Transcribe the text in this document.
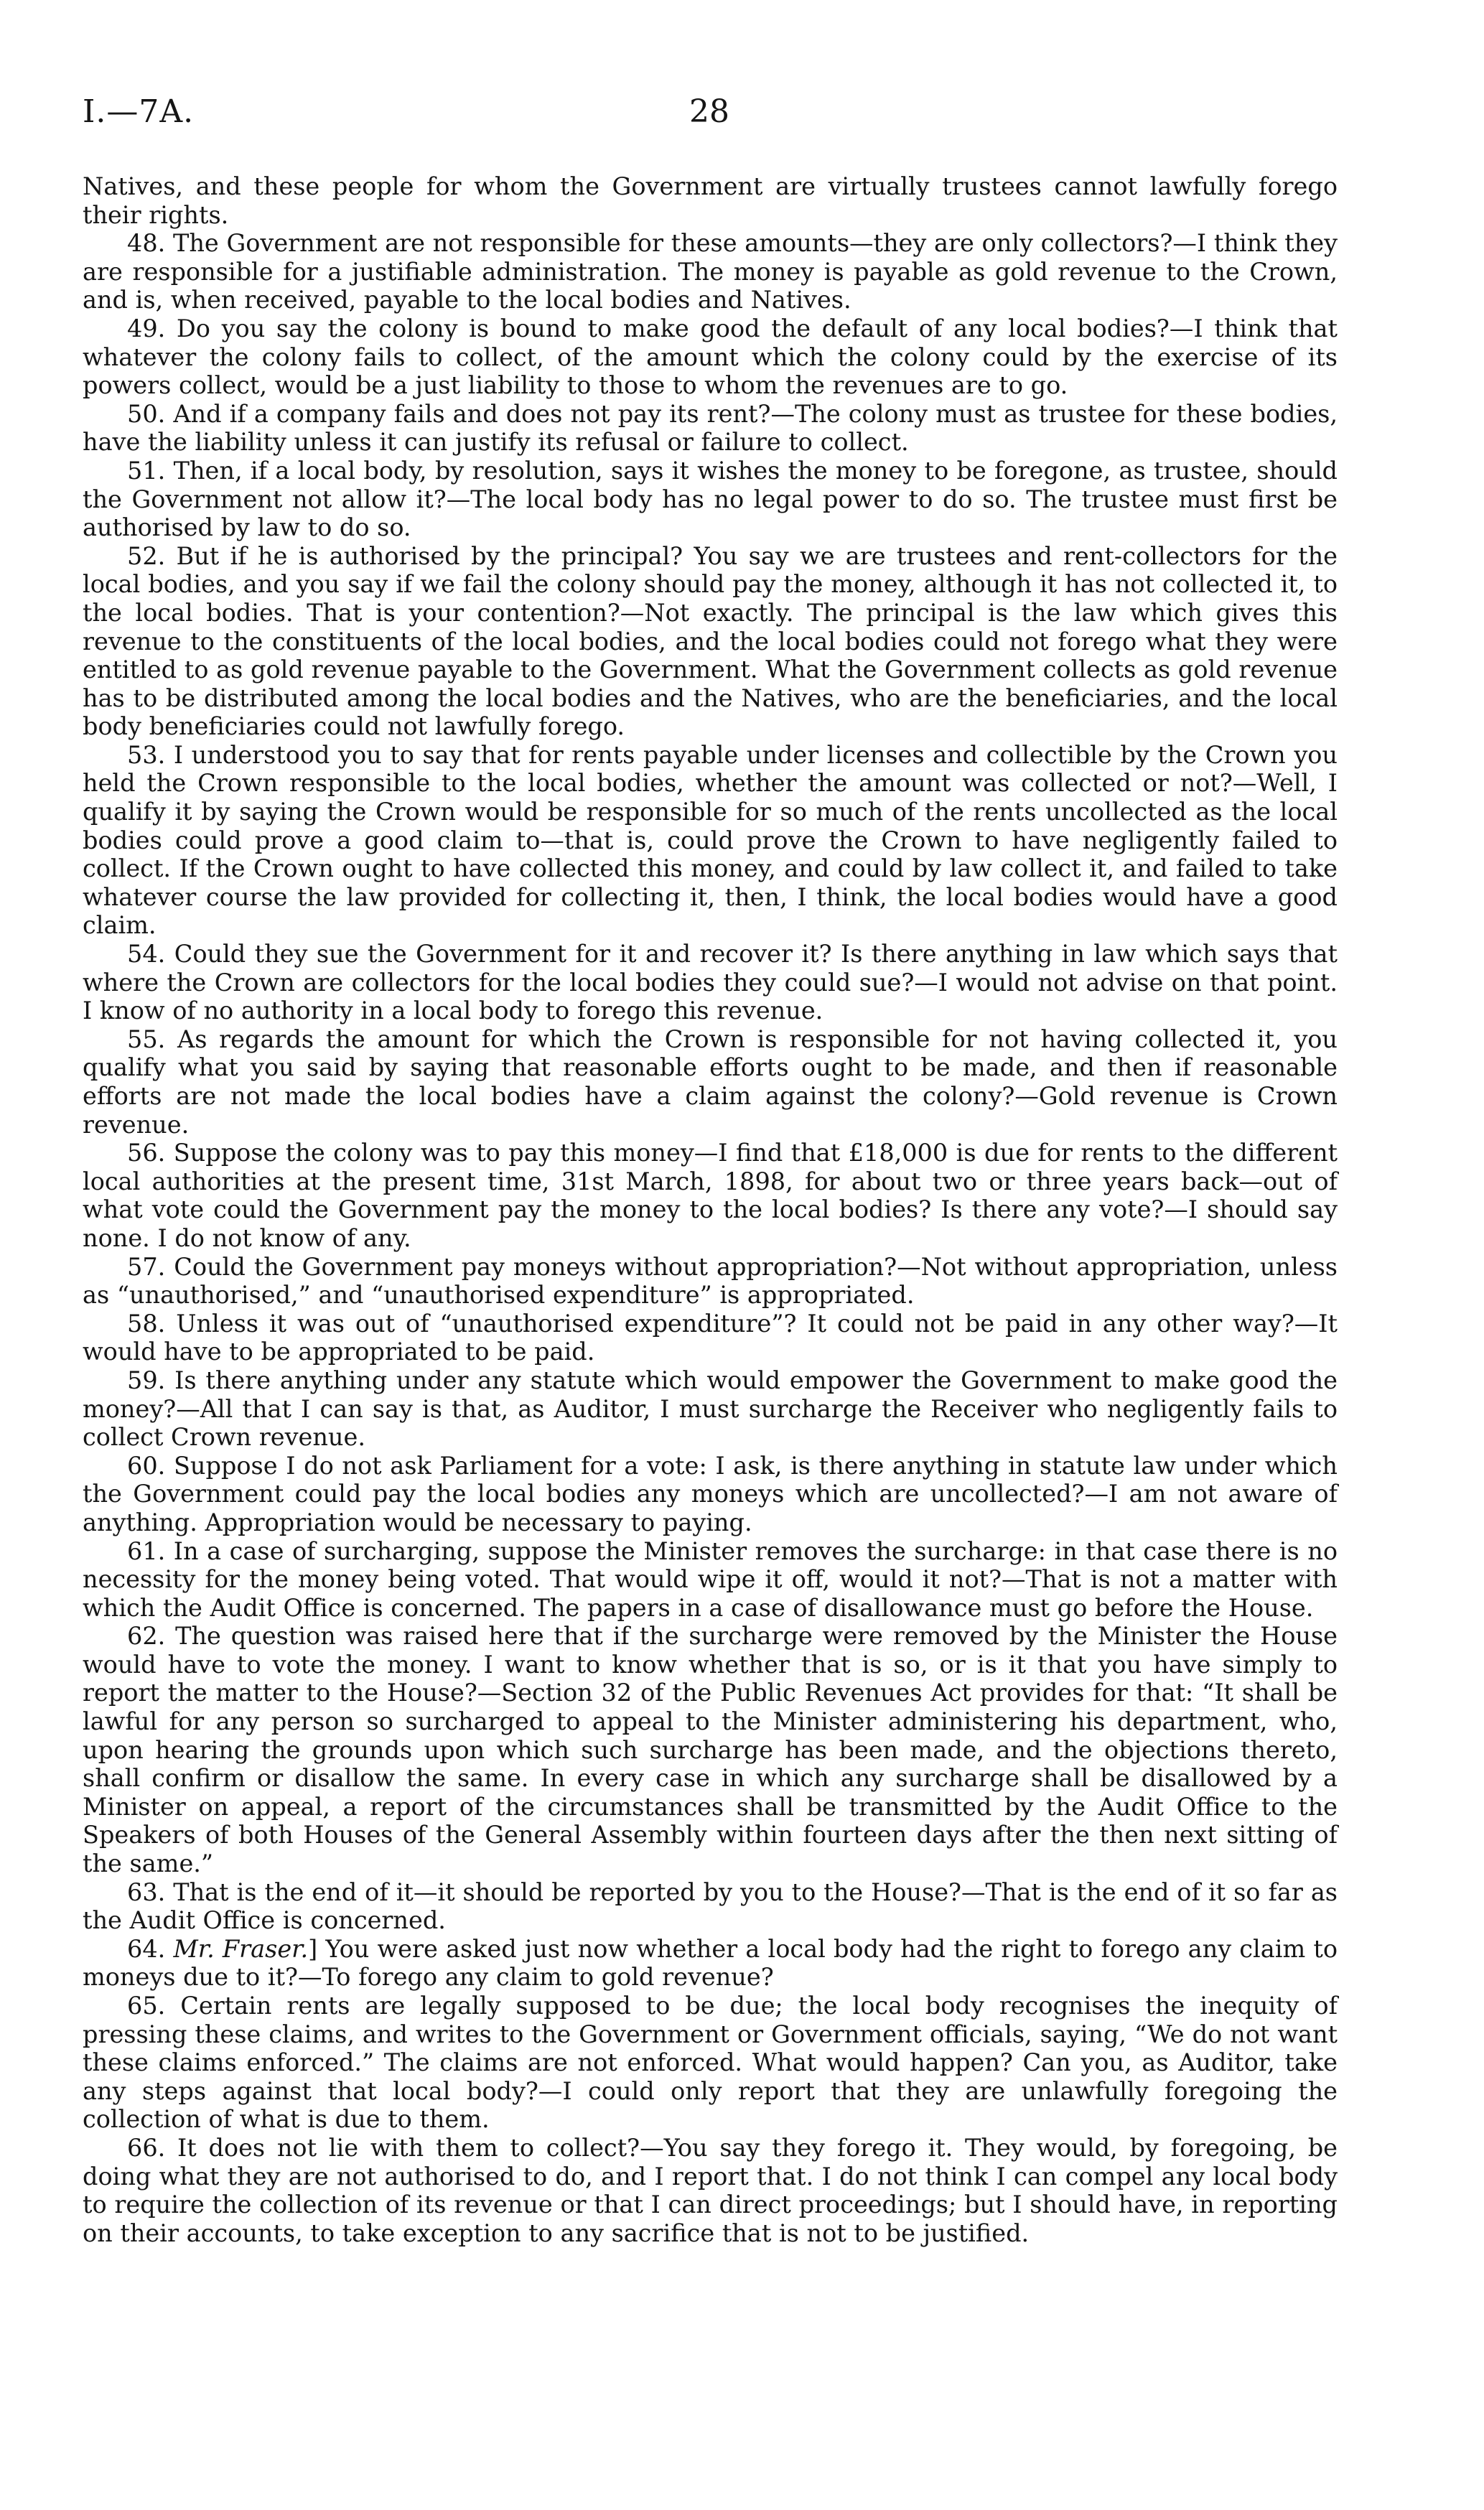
I.—7A.	28

Natives, and these people for whom the Government are virtually trustees cannot lawfully forego their rights.

48. The Government are not responsible for these amounts—they are only collectors?—I think they are responsible for a justifiable administration. The money is payable as gold revenue to the Crown, and is, when received, payable to the local bodies and Natives.

49. Do you say the colony is bound to make good the default of any local bodies?—I think that whatever the colony fails to collect, of the amount which the colony could by the exercise of its powers collect, would be a just liability to those to whom the revenues are to go.

50. And if a company fails and does not pay its rent?—The colony must as trustee for these bodies, have the liability unless it can justify its refusal or failure to collect.

51. Then, if a local body, by resolution, says it wishes the money to be foregone, as trustee, should the Government not allow it?—The local body has no legal power to do so. The trustee must first be authorised by law to do so.

52. But if he is authorised by the principal? You say we are trustees and rent-collectors for the local bodies, and you say if we fail the colony should pay the money, although it has not collected it, to the local bodies. That is your contention?—Not exactly. The principal is the law which gives this revenue to the constituents of the local bodies, and the local bodies could not forego what they were entitled to as gold revenue payable to the Government. What the Government collects as gold revenue has to be distributed among the local bodies and the Natives, who are the beneficiaries, and the local body beneficiaries could not lawfully forego.

53. I understood you to say that for rents payable under licenses and collectible by the Crown you held the Crown responsible to the local bodies, whether the amount was collected or not?—Well, I qualify it by saying the Crown would be responsible for so much of the rents uncollected as the local bodies could prove a good claim to—that is, could prove the Crown to have negligently failed to collect. If the Crown ought to have collected this money, and could by law collect it, and failed to take whatever course the law provided for collecting it, then, I think, the local bodies would have a good claim.

54. Could they sue the Government for it and recover it? Is there anything in law which says that where the Crown are collectors for the local bodies they could sue?—I would not advise on that point. I know of no authority in a local body to forego this revenue.

55. As regards the amount for which the Crown is responsible for not having collected it, you qualify what you said by saying that reasonable efforts ought to be made, and then if reasonable efforts are not made the local bodies have a claim against the colony?—Gold revenue is Crown revenue.

56. Suppose the colony was to pay this money—I find that £18,000 is due for rents to the different local authorities at the present time, 31st March, 1898, for about two or three years back—out of what vote could the Government pay the money to the local bodies? Is there any vote?—I should say none. I do not know of any.

57. Could the Government pay moneys without appropriation?—Not without appropriation, unless as “unauthorised,” and “unauthorised expenditure” is appropriated.

58. Unless it was out of “unauthorised expenditure”? It could not be paid in any other way?—It would have to be appropriated to be paid.

59. Is there anything under any statute which would empower the Government to make good the money?—All that I can say is that, as Auditor, I must surcharge the Receiver who negligently fails to collect Crown revenue.

60. Suppose I do not ask Parliament for a vote: I ask, is there anything in statute law under which the Government could pay the local bodies any moneys which are uncollected?—I am not aware of anything. Appropriation would be necessary to paying.

61. In a case of surcharging, suppose the Minister removes the surcharge: in that case there is no necessity for the money being voted. That would wipe it off, would it not?—That is not a matter with which the Audit Office is concerned. The papers in a case of disallowance must go before the House.

62. The question was raised here that if the surcharge were removed by the Minister the House would have to vote the money. I want to know whether that is so, or is it that you have simply to report the matter to the House?—Section 32 of the Public Revenues Act provides for that: “It shall be lawful for any person so surcharged to appeal to the Minister administering his department, who, upon hearing the grounds upon which such surcharge has been made, and the objections thereto, shall confirm or disallow the same. In every case in which any surcharge shall be disallowed by a Minister on appeal, a report of the circumstances shall be transmitted by the Audit Office to the Speakers of both Houses of the General Assembly within fourteen days after the then next sitting of the same.”

63. That is the end of it—it should be reported by you to the House?—That is the end of it so far as the Audit Office is concerned.

64. Mr. Fraser.] You were asked just now whether a local body had the right to forego any claim to moneys due to it?—To forego any claim to gold revenue?

65. Certain rents are legally supposed to be due; the local body recognises the inequity of pressing these claims, and writes to the Government or Government officials, saying, “We do not want these claims enforced.” The claims are not enforced. What would happen? Can you, as Auditor, take any steps against that local body?—I could only report that they are unlawfully foregoing the collection of what is due to them.

66. It does not lie with them to collect?—You say they forego it. They would, by foregoing, be doing what they are not authorised to do, and I report that. I do not think I can compel any local body to require the collection of its revenue or that I can direct proceedings; but I should have, in reporting on their accounts, to take exception to any sacrifice that is not to be justified.
